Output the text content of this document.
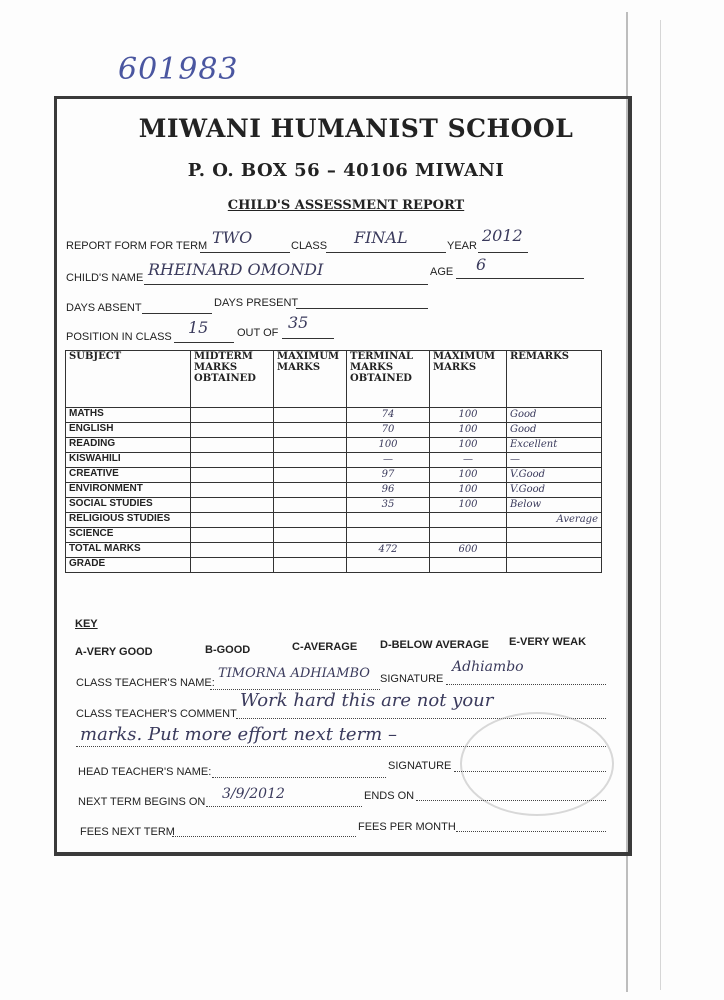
601983
MIWANI HUMANIST SCHOOL
P. O. BOX 56 – 40106 MIWANI
CHILD'S ASSESSMENT REPORT
REPORT FORM FOR TERM TWO	CLASS FINAL	YEAR
2012
CHILD'S NAME RHEINARD OMONDI	AGE 6
DAYS ABSENT	DAYS PRESENT
POSITION IN CLASS 15	OUT OF
35
SUBJECT	MIDTERM MARKS OBTAINED	MAXIMUM MARKS	TERMINAL MARKS OBTAINED	MAXIMUM MARKS	REMARKS
MATHS			74	100	Good
ENGLISH			70	100	Good
READING			100	100	Excellent
KISWAHILI			—	—	—
CREATIVE			97	100	V.Good
ENVIRONMENT			96	100	V.Good
SOCIAL STUDIES			35	100	Below
RELIGIOUS STUDIES					Average
SCIENCE					
TOTAL MARKS			472	600	
GRADE					
KEY
A-VERY GOOD	B-GOOD	C-AVERAGE D-BELOW AVERAGE E-VERY WEAK
CLASS TEACHER'S NAME:
TIMORNA ADHIAMBO SIGNATURE
Adhiambo
CLASS TEACHER'S COMMENT
Work hard this are not your
marks. Put more effort next term –
HEAD TEACHER'S NAME:	SIGNATURE
NEXT TERM BEGINS ON 3/9/2012	ENDS ON
FEES NEXT TERM	FEES PER MONTH
